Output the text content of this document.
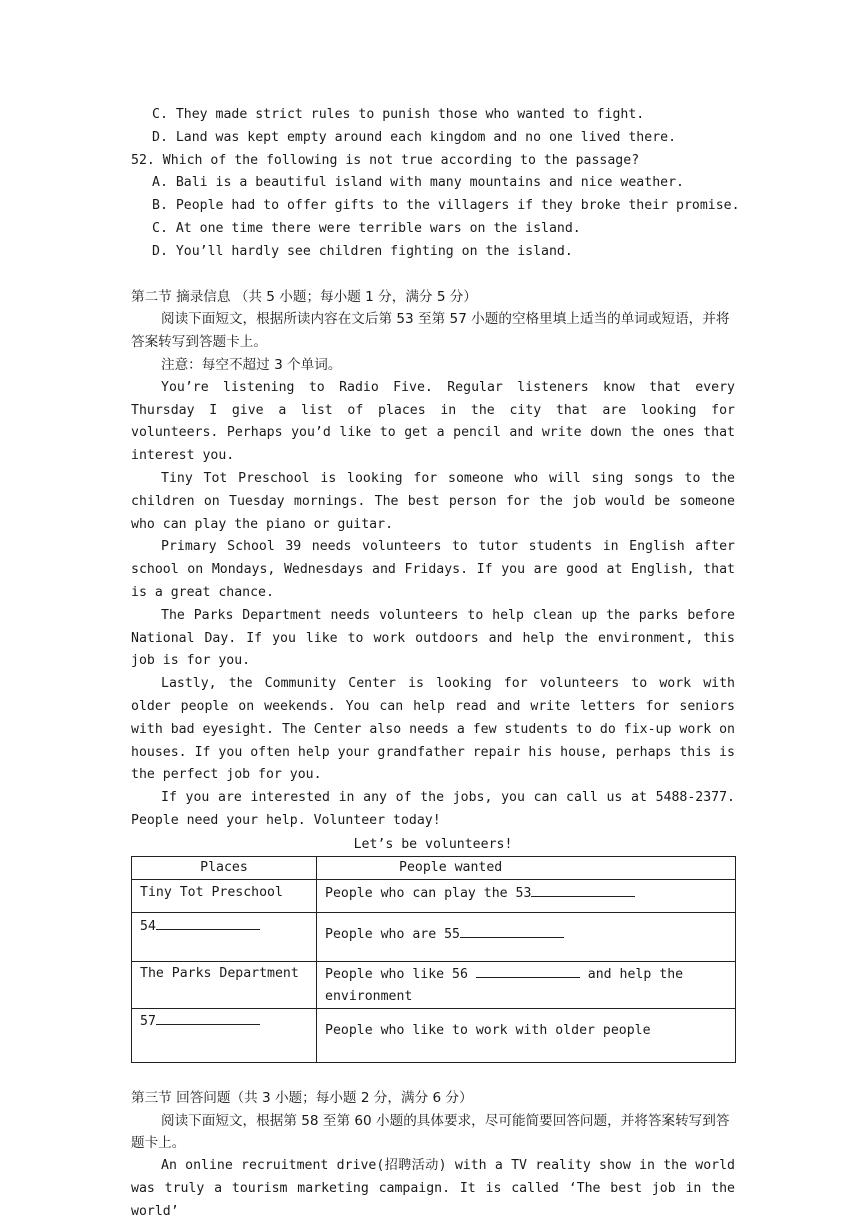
C. They made strict rules to punish those who wanted to fight.
D. Land was kept empty around each kingdom and no one lived there.
52. Which of the following is not true according to the passage?
A. Bali is a beautiful island with many mountains and nice weather.
B. People had to offer gifts to the villagers if they broke their promise.
C. At one time there were terrible wars on the island.
D. You’ll hardly see children fighting on the island.
第二节 摘录信息 （共 5 小题；每小题 1 分，满分 5 分）

阅读下面短文，根据所读内容在文后第 53 至第 57 小题的空格里填上适当的单词或短语，并将答案转写到答题卡上。

注意：每空不超过 3 个单词。

You’re listening to Radio Five. Regular listeners know that every Thursday I give a list of places in the city that are looking for volunteers. Perhaps you’d like to get a pencil and write down the ones that interest you.

Tiny Tot Preschool is looking for someone who will sing songs to the children on Tuesday mornings. The best person for the job would be someone who can play the piano or guitar.

Primary School 39 needs volunteers to tutor students in English after school on Mondays, Wednesdays and Fridays. If you are good at English, that is a great chance.

The Parks Department needs volunteers to help clean up the parks before National Day. If you like to work outdoors and help the environment, this job is for you.

Lastly, the Community Center is looking for volunteers to work with older people on weekends. You can help read and write letters for seniors with bad eyesight. The Center also needs a few students to do fix-up work on houses. If you often help your grandfather repair his house, perhaps this is the perfect job for you.

If you are interested in any of the jobs, you can call us at 5488-2377. People need your help. Volunteer today!

Let’s be volunteers!
Places	People wanted
Tiny Tot Preschool	People who can play the 53
54	People who are 55
The Parks Department	People who like 56 and help the environment
57	People who like to work with older people
第三节 回答问题（共 3 小题；每小题 2 分，满分 6 分）

阅读下面短文，根据第 58 至第 60 小题的具体要求，尽可能简要回答问题，并将答案转写到答题卡上。

An online recruitment drive(招聘活动) with a TV reality show in the world was truly a tourism marketing campaign. It is called ‘The best job in the world’
